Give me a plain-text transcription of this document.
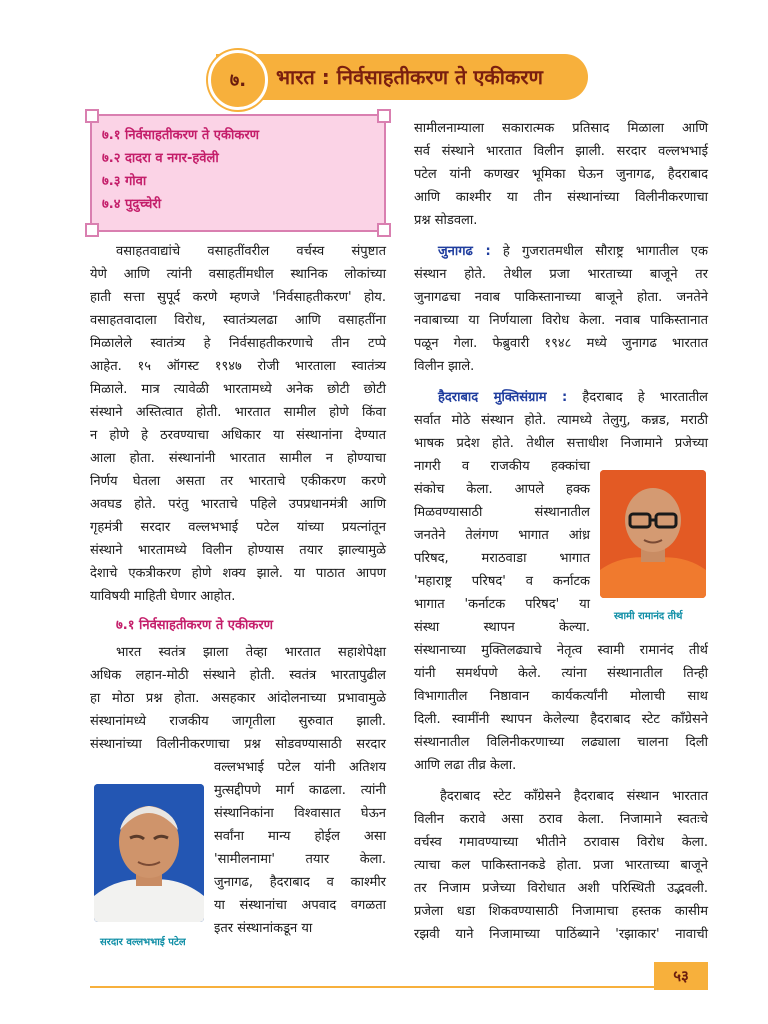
७. भारत : निर्वसाहतीकरण ते एकीकरण
७.१ निर्वसाहतीकरण ते एकीकरण
७.२ दादरा व नगर-हवेली
७.३ गोवा
७.४ पुदुच्चेरी
वसाहतवाद्यांचे वसाहतींवरील वर्चस्व संपुष्टात
येणे आणि त्यांनी वसाहतींमधील स्थानिक लोकांच्या
हाती सत्ता सुपूर्द करणे म्हणजे 'निर्वसाहतीकरण' होय.
वसाहतवादाला विरोध, स्वातंत्र्यलढा आणि वसाहतींना
मिळालेले स्वातंत्र्य हे निर्वसाहतीकरणाचे तीन टप्पे
आहेत. १५ ऑगस्ट १९४७ रोजी भारताला स्वातंत्र्य
मिळाले. मात्र त्यावेळी भारतामध्ये अनेक छोटी छोटी
संस्थाने अस्तित्वात होती. भारतात सामील होणे किंवा
न होणे हे ठरवण्याचा अधिकार या संस्थानांना देण्यात
आला होता. संस्थानांनी भारतात सामील न होण्याचा
निर्णय घेतला असता तर भारताचे एकीकरण करणे
अवघड होते. परंतु भारताचे पहिले उपप्रधानमंत्री आणि
गृहमंत्री सरदार वल्लभभाई पटेल यांच्या प्रयत्नांतून
संस्थाने भारतामध्ये विलीन होण्यास तयार झाल्यामुळे
देशाचे एकत्रीकरण होणे शक्य झाले. या पाठात आपण
याविषयी माहिती घेणार आहोत.
७.१ निर्वसाहतीकरण ते एकीकरण
भारत स्वतंत्र झाला तेव्हा भारतात सहाशेपेक्षा
अधिक लहान-मोठी संस्थाने होती. स्वतंत्र भारतापुढील
हा मोठा प्रश्न होता. असहकार आंदोलनाच्या प्रभावामुळे
संस्थानांमध्ये राजकीय जागृतीला सुरुवात झाली.
संस्थानांच्या विलीनीकरणाचा प्रश्न सोडवण्यासाठी सरदार
वल्लभभाई पटेल यांनी अतिशय
मुत्सद्दीपणे मार्ग काढला. त्यांनी
संस्थानिकांना विश्वासात घेऊन
सर्वांना मान्य होईल असा
'सामीलनामा' तयार केला.
जुनागढ, हैदराबाद व काश्मीर
या संस्थानांचा अपवाद वगळता
इतर संस्थानांकडून या
सरदार वल्लभभाई पटेल
सामीलनाम्याला सकारात्मक प्रतिसाद मिळाला आणि
सर्व संस्थाने भारतात विलीन झाली. सरदार वल्लभभाई
पटेल यांनी कणखर भूमिका घेऊन जुनागढ, हैदराबाद
आणि काश्मीर या तीन संस्थानांच्या विलीनीकरणाचा
प्रश्न सोडवला.
जुनागढ : हे गुजरातमधील सौराष्ट्र भागातील एक
संस्थान होते. तेथील प्रजा भारताच्या बाजूने तर
जुनागढचा नवाब पाकिस्तानाच्या बाजूने होता. जनतेने
नवाबाच्या या निर्णयाला विरोध केला. नवाब पाकिस्तानात
पळून गेला. फेब्रुवारी १९४८ मध्ये जुनागढ भारतात
विलीन झाले.
हैदराबाद मुक्तिसंग्राम : हैदराबाद हे भारतातील
सर्वात मोठे संस्थान होते. त्यामध्ये तेलुगु, कन्नड, मराठी
भाषक प्रदेश होते. तेथील सत्ताधीश निजामाने प्रजेच्या
नागरी व राजकीय हक्कांचा
संकोच केला. आपले हक्क
मिळवण्यासाठी संस्थानातील
जनतेने तेलंगण भागात आंध्र
परिषद, मराठवाडा भागात
'महाराष्ट्र परिषद' व कर्नाटक
भागात 'कर्नाटक परिषद' या
संस्था स्थापन केल्या.
संस्थानाच्या मुक्तिलढ्याचे नेतृत्व स्वामी रामानंद तीर्थ
यांनी समर्थपणे केले. त्यांना संस्थानातील तिन्ही
विभागातील निष्ठावान कार्यकर्त्यांनी मोलाची साथ
दिली. स्वामींनी स्थापन केलेल्या हैदराबाद स्टेट काँग्रेसने
संस्थानातील विलिनीकरणाच्या लढ्याला चालना दिली
आणि लढा तीव्र केला.
हैदराबाद स्टेट काँग्रेसने हैदराबाद संस्थान भारतात
विलीन करावे असा ठराव केला. निजामाने स्वतःचे
वर्चस्व गमावण्याच्या भीतीने ठरावास विरोध केला.
त्याचा कल पाकिस्तानकडे होता. प्रजा भारताच्या बाजूने
तर निजाम प्रजेच्या विरोधात अशी परिस्थिती उद्भवली.
प्रजेला धडा शिकवण्यासाठी निजामाचा हस्तक कासीम
रझवी याने निजामाच्या पाठिंब्याने 'रझाकार' नावाची
स्वामी रामानंद तीर्थ
५३
